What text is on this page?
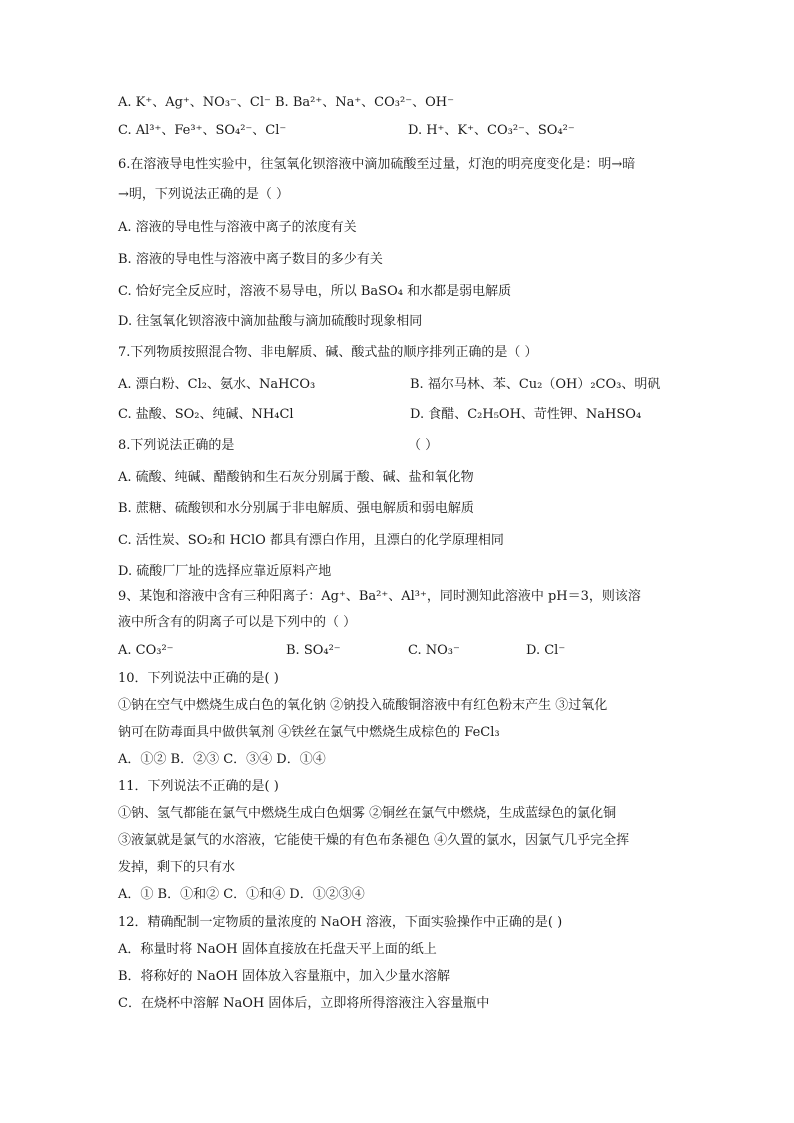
A. K⁺、Ag⁺、NO₃⁻、Cl⁻ B. Ba²⁺、Na⁺、CO₃²⁻、OH⁻
C. Al³⁺、Fe³⁺、SO₄²⁻、Cl⁻	D. H⁺、K⁺、CO₃²⁻、SO₄²⁻
6.在溶液导电性实验中，往氢氧化钡溶液中滴加硫酸至过量，灯泡的明亮度变化是：明→暗
→明，下列说法正确的是（ ）
A. 溶液的导电性与溶液中离子的浓度有关
B. 溶液的导电性与溶液中离子数目的多少有关
C. 恰好完全反应时，溶液不易导电，所以 BaSO₄ 和水都是弱电解质
D. 往氢氧化钡溶液中滴加盐酸与滴加硫酸时现象相同
7.下列物质按照混合物、非电解质、碱、酸式盐的顺序排列正确的是（ ）
A. 漂白粉、Cl₂、氨水、NaHCO₃	B. 福尔马林、苯、Cu₂（OH）₂CO₃、明矾
C. 盐酸、SO₂、纯碱、NH₄Cl	D. 食醋、C₂H₅OH、苛性钾、NaHSO₄
8.下列说法正确的是	（ ）
A. 硫酸、纯碱、醋酸钠和生石灰分别属于酸、碱、盐和氧化物
B. 蔗糖、硫酸钡和水分别属于非电解质、强电解质和弱电解质
C. 活性炭、SO₂和 HClO 都具有漂白作用，且漂白的化学原理相同
D. 硫酸厂厂址的选择应靠近原料产地
9、某饱和溶液中含有三种阳离子：Ag⁺、Ba²⁺、Al³⁺，同时测知此溶液中 pH＝3，则该溶
液中所含有的阴离子可以是下列中的（ ）
A. CO₃²⁻	B. SO₄²⁻	C. NO₃⁻	D. Cl⁻
10．下列说法中正确的是( )
①钠在空气中燃烧生成白色的氧化钠 ②钠投入硫酸铜溶液中有红色粉末产生 ③过氧化
钠可在防毒面具中做供氧剂 ④铁丝在氯气中燃烧生成棕色的 FeCl₃
A．①② B．②③ C．③④ D．①④
11．下列说法不正确的是( )
①钠、氢气都能在氯气中燃烧生成白色烟雾 ②铜丝在氯气中燃烧，生成蓝绿色的氯化铜
③液氯就是氯气的水溶液，它能使干燥的有色布条褪色 ④久置的氯水，因氯气几乎完全挥
发掉，剩下的只有水
A．① B．①和② C．①和④ D．①②③④
12．精确配制一定物质的量浓度的 NaOH 溶液，下面实验操作中正确的是( )
A．称量时将 NaOH 固体直接放在托盘天平上面的纸上
B．将称好的 NaOH 固体放入容量瓶中，加入少量水溶解
C．在烧杯中溶解 NaOH 固体后，立即将所得溶液注入容量瓶中
